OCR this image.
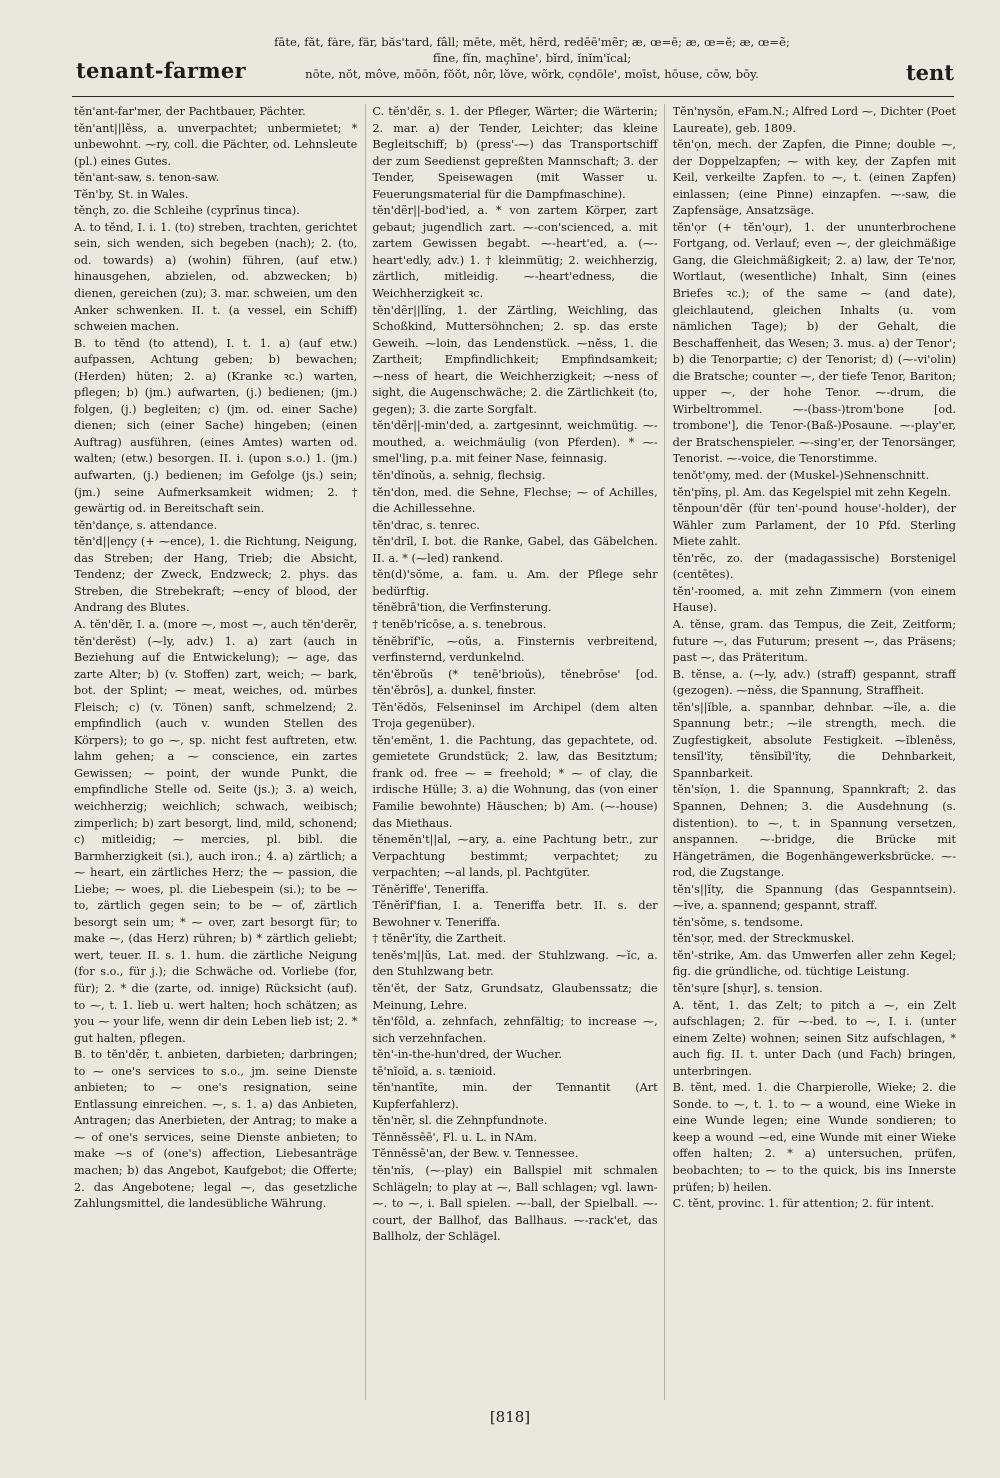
tenant-farmer
fāte, făt, fȧre, fär, băs'tard, fâll; mēte, mĕt, hẽrd, redēē'mẽr; æ, œ=ē; æ, œ=ĕ; æ, œ=ẽ;
fīne, fĭn, maçhīne', bĭrd, ĭnĭm'ĭcal;
nōte, nŏt, môve, mōōn, fŏŏt, nôr, lŏve, wõrk, cọndōle', moīst, hōuse, cōw, bōy.	tent

tĕn'ant-far'mer, der Pachtbauer, Pächter.

tĕn'ant||lĕss, a. unverpachtet; unbermietet; * unbewohnt. ⁓ry, coll. die Pächter, od. Lehnsleute (pl.) eines Gutes.

tĕn'ant-saw, s. tenon-saw.

Tĕn'by, St. in Wales.

tĕnçh, zo. die Schleihe (cyprīnus tinca).

A. to tĕnd, I. i. 1. (to) streben, trachten, gerichtet sein, sich wenden, sich begeben (nach); 2. (to, od. towards) a) (wohin) führen, (auf etw.) hinausgehen, abzielen, od. abzwecken; b) dienen, gereichen (zu); 3. mar. schweien, um den Anker schwenken. II. t. (a vessel, ein Schiff) schweien machen.

B. to tĕnd (to attend), I. t. 1. a) (auf etw.) aufpassen, Achtung geben; b) bewachen; (Herden) hüten; 2. a) (Kranke ꝛc.) warten, pflegen; b) (jm.) aufwarten, (j.) bedienen; (jm.) folgen, (j.) begleiten; c) (jm. od. einer Sache) dienen; sich (einer Sache) hingeben; (einen Auftrag) ausführen, (eines Amtes) warten od. walten; (etw.) besorgen. II. i. (upon s.o.) 1. (jm.) aufwarten, (j.) bedienen; im Gefolge (js.) sein; (jm.) seine Aufmerksamkeit widmen; 2. † gewärtig od. in Bereitschaft sein.

tĕn'dançe, s. attendance.

tĕn'd||ençy (+ ⁓ence), 1. die Richtung, Neigung, das Streben; der Hang, Trieb; die Absicht, Tendenz; der Zweck, Endzweck; 2. phys. das Streben, die Strebekraft; ⁓ency of blood, der Andrang des Blutes.

A. tĕn'dẽr, I. a. (more ⁓, most ⁓, auch tĕn'derẽr, tĕn'derĕst) (⁓ly, adv.) 1. a) zart (auch in Beziehung auf die Entwickelung); ⁓ age, das zarte Alter; b) (v. Stoffen) zart, weich; ⁓ bark, bot. der Splint; ⁓ meat, weiches, od. mürbes Fleisch; c) (v. Tönen) sanft, schmelzend; 2. empfindlich (auch v. wunden Stellen des Körpers); to go ⁓, sp. nicht fest auftreten, etw. lahm gehen; a ⁓ conscience, ein zartes Gewissen; ⁓ point, der wunde Punkt, die empfindliche Stelle od. Seite (js.); 3. a) weich, weichherzig; weichlich; schwach, weibisch; zimperlich; b) zart besorgt, lind, mild, schonend; c) mitleidig; ⁓ mercies, pl. bibl. die Barmherzigkeit (si.), auch iron.; 4. a) zärtlich; a ⁓ heart, ein zärtliches Herz; the ⁓ passion, die Liebe; ⁓ woes, pl. die Liebespein (si.); to be ⁓ to, zärtlich gegen sein; to be ⁓ of, zärtlich besorgt sein um; * ⁓ over, zart besorgt für; to make ⁓, (das Herz) rühren; b) * zärtlich geliebt; wert, teuer. II. s. 1. hum. die zärtliche Neigung (for s.o., für j.); die Schwäche od. Vorliebe (for, für); 2. * die (zarte, od. innige) Rücksicht (auf). to ⁓, t. 1. lieb u. wert halten; hoch schätzen; as you ⁓ your life, wenn dir dein Leben lieb ist; 2. * gut halten, pflegen.

B. to tĕn'dẽr, t. anbieten, darbieten; darbringen; to ⁓ one's services to s.o., jm. seine Dienste anbieten; to ⁓ one's resignation, seine Entlassung einreichen. ⁓, s. 1. a) das Anbieten, Antragen; das Anerbieten, der Antrag; to make a ⁓ of one's services, seine Dienste anbieten; to make ⁓s of (one's) affection, Liebesanträge machen; b) das Angebot, Kaufgebot; die Offerte; 2. das Angebotene; legal ⁓, das gesetzliche Zahlungsmittel, die landesübliche Währung.

C. tĕn'dẽr, s. 1. der Pfleger, Wärter; die Wärterin; 2. mar. a) der Tender, Leichter; das kleine Begleitschiff; b) (press'-⁓) das Transportschiff der zum Seedienst gepreßten Mannschaft; 3. der Tender, Speisewagen (mit Wasser u. Feuerungsmaterial für die Dampfmaschine).

tĕn'dẽr||-bod'ied, a. * von zartem Körper, zart gebaut; jugendlich zart. ⁓-con'scienced, a. mit zartem Gewissen begabt. ⁓-heart'ed, a. (⁓-heart'edly, adv.) 1. † kleinmütig; 2. weichherzig, zärtlich, mitleidig. ⁓-heart'edness, die Weichherzigkeit ꝛc.

tĕn'dẽr||lĭng, 1. der Zärtling, Weichling, das Schoßkind, Muttersöhnchen; 2. sp. das erste Geweih. ⁓loin, das Lendenstück. ⁓nĕss, 1. die Zartheit; Empfindlichkeit; Empfindsamkeit; ⁓ness of heart, die Weichherzigkeit; ⁓ness of sight, die Augenschwäche; 2. die Zärtlichkeit (to, gegen); 3. die zarte Sorgfalt.

tĕn'dẽr||-min'ded, a. zartgesinnt, weichmütig. ⁓-mouthed, a. weichmäulig (von Pferden). * ⁓-smel'ling, p.a. mit feiner Nase, feinnasig.

tĕn'dĭnoŭs, a. sehnig, flechsig.

tĕn'don, med. die Sehne, Flechse; ⁓ of Achilles, die Achillessehne.

tĕn'drac, s. tenrec.

tĕn'drĭl, I. bot. die Ranke, Gabel, das Gäbelchen. II. a. * (⁓led) rankend.

tĕn(d)'sŏme, a. fam. u. Am. der Pflege sehr bedürftig.

tĕnĕbrā'tion, die Verfinsterung.

† tenĕb'rĭcōse, a. s. tenebrous.

tĕnĕbrĭf'ĭc, ⁓oŭs, a. Finsternis verbreitend, verfinsternd, verdunkelnd.

tĕn'ĕbroŭs (* tenē'brioŭs), tĕnebrōse' [od. tĕn'ĕbrōs], a. dunkel, finster.

Tĕn'ĕdŏs, Felseninsel im Archipel (dem alten Troja gegenüber).

tĕn'emĕnt, 1. die Pachtung, das gepachtete, od. gemietete Grundstück; 2. law, das Besitztum; frank od. free ⁓ = freehold; * ⁓ of clay, die irdische Hülle; 3. a) die Wohnung, das (von einer Familie bewohnte) Häuschen; b) Am. (⁓-house) das Miethaus.

tĕnemĕn't||al, ⁓ary, a. eine Pachtung betr., zur Verpachtung bestimmt; verpachtet; zu verpachten; ⁓al lands, pl. Pachtgüter.

Tĕnĕrĭffe', Teneriffa.

Tĕnĕrĭf'fian, I. a. Teneriffa betr. II. s. der Bewohner v. Teneriffa.

† tĕnẽr'ĭty, die Zartheit.

tenĕs'm||ŭs, Lat. med. der Stuhlzwang. ⁓ĭc, a. den Stuhlzwang betr.

tĕn'ĕt, der Satz, Grundsatz, Glaubenssatz; die Meinung, Lehre.

tĕn'fōld, a. zehnfach, zehnfältig; to increase ⁓, sich verzehnfachen.

tĕn'-in-the-hun'dred, der Wucher.

tē'nĭoĭd, a. s. tænioid.

tĕn'nantīte, min. der Tennantit (Art Kupferfahlerz).

tĕn'nẽr, sl. die Zehnpfundnote.

Tĕnnĕssēē', Fl. u. L. in NAm.

Tĕnnĕssē'an, der Bew. v. Tennessee.

tĕn'nĭs, (⁓-play) ein Ballspiel mit schmalen Schlägeln; to play at ⁓, Ball schlagen; vgl. lawn-⁓. to ⁓, i. Ball spielen. ⁓-ball, der Spielball. ⁓-court, der Ballhof, das Ballhaus. ⁓-rack'et, das Ballholz, der Schlägel.

Tĕn'nysŏn, eFam.N.; Alfred Lord ⁓, Dichter (Poet Laureate), geb. 1809.

tĕn'ọn, mech. der Zapfen, die Pinne; double ⁓, der Doppelzapfen; ⁓ with key, der Zapfen mit Keil, verkeilte Zapfen. to ⁓, t. (einen Zapfen) einlassen; (eine Pinne) einzapfen. ⁓-saw, die Zapfensäge, Ansatzsäge.

tĕn'ọr (+ tĕn'oụr), 1. der ununterbrochene Fortgang, od. Verlauf; even ⁓, der gleichmäßige Gang, die Gleichmäßigkeit; 2. a) law, der Te'nor, Wortlaut, (wesentliche) Inhalt, Sinn (eines Briefes ꝛc.); of the same ⁓ (and date), gleichlautend, gleichen Inhalts (u. vom nämlichen Tage); b) der Gehalt, die Beschaffenheit, das Wesen; 3. mus. a) der Tenor'; b) die Tenorpartie; c) der Tenorist; d) (⁓-vi'olin) die Bratsche; counter ⁓, der tiefe Tenor, Bariton; upper ⁓, der hohe Tenor. ⁓-drum, die Wirbeltrommel. ⁓-(bass-)trom'bone [od. trombone'], die Tenor-(Baß-)Posaune. ⁓-play'er, der Bratschenspieler. ⁓-sing'er, der Tenorsänger, Tenorist. ⁓-voice, die Tenorstimme.

tenŏt'ọmy, med. der (Muskel-)Sehnenschnitt.

tĕn'pĭnṣ, pl. Am. das Kegelspiel mit zehn Kegeln.

tĕnpoun'dẽr (für ten'-pound house'-holder), der Wähler zum Parlament, der 10 Pfd. Sterling Miete zahlt.

tĕn'rĕc, zo. der (madagassische) Borstenigel (centētes).

tĕn'-roomed, a. mit zehn Zimmern (von einem Hause).

A. tĕnse, gram. das Tempus, die Zeit, Zeitform; future ⁓, das Futurum; present ⁓, das Präsens; past ⁓, das Präteritum.

B. tĕnse, a. (⁓ly, adv.) (straff) gespannt, straff (gezogen). ⁓nĕss, die Spannung, Straffheit.

tĕn's||ĭble, a. spannbar, dehnbar. ⁓ĭle, a. die Spannung betr.; ⁓ile strength, mech. die Zugfestigkeit, absolute Festigkeit. ⁓ĭblenĕss, tensĭl'ĭty, tĕnsĭbĭl'ĭty, die Dehnbarkeit, Spannbarkeit.

tĕn'sĭọn, 1. die Spannung, Spannkraft; 2. das Spannen, Dehnen; 3. die Ausdehnung (s. distention). to ⁓, t. in Spannung versetzen, anspannen. ⁓-bridge, die Brücke mit Hängeträmen, die Bogenhängewerksbrücke. ⁓-rod, die Zugstange.

tĕn's||ĭty, die Spannung (das Gespanntsein). ⁓ĭve, a. spannend; gespannt, straff.

tĕn'sŏme, s. tendsome.

tĕn'sọr, med. der Streckmuskel.

tĕn'-strike, Am. das Umwerfen aller zehn Kegel; fig. die gründliche, od. tüchtige Leistung.

tĕn'sụre [shụr], s. tension.

A. tĕnt, 1. das Zelt; to pitch a ⁓, ein Zelt aufschlagen; 2. für ⁓-bed. to ⁓, I. i. (unter einem Zelte) wohnen; seinen Sitz aufschlagen, * auch fig. II. t. unter Dach (und Fach) bringen, unterbringen.

B. tĕnt, med. 1. die Charpierolle, Wieke; 2. die Sonde. to ⁓, t. 1. to ⁓ a wound, eine Wieke in eine Wunde legen; eine Wunde sondieren; to keep a wound ⁓ed, eine Wunde mit einer Wieke offen halten; 2. * a) untersuchen, prüfen, beobachten; to ⁓ to the quick, bis ins Innerste prüfen; b) heilen.

C. tĕnt, provinc. 1. für attention; 2. für intent.

[818]
